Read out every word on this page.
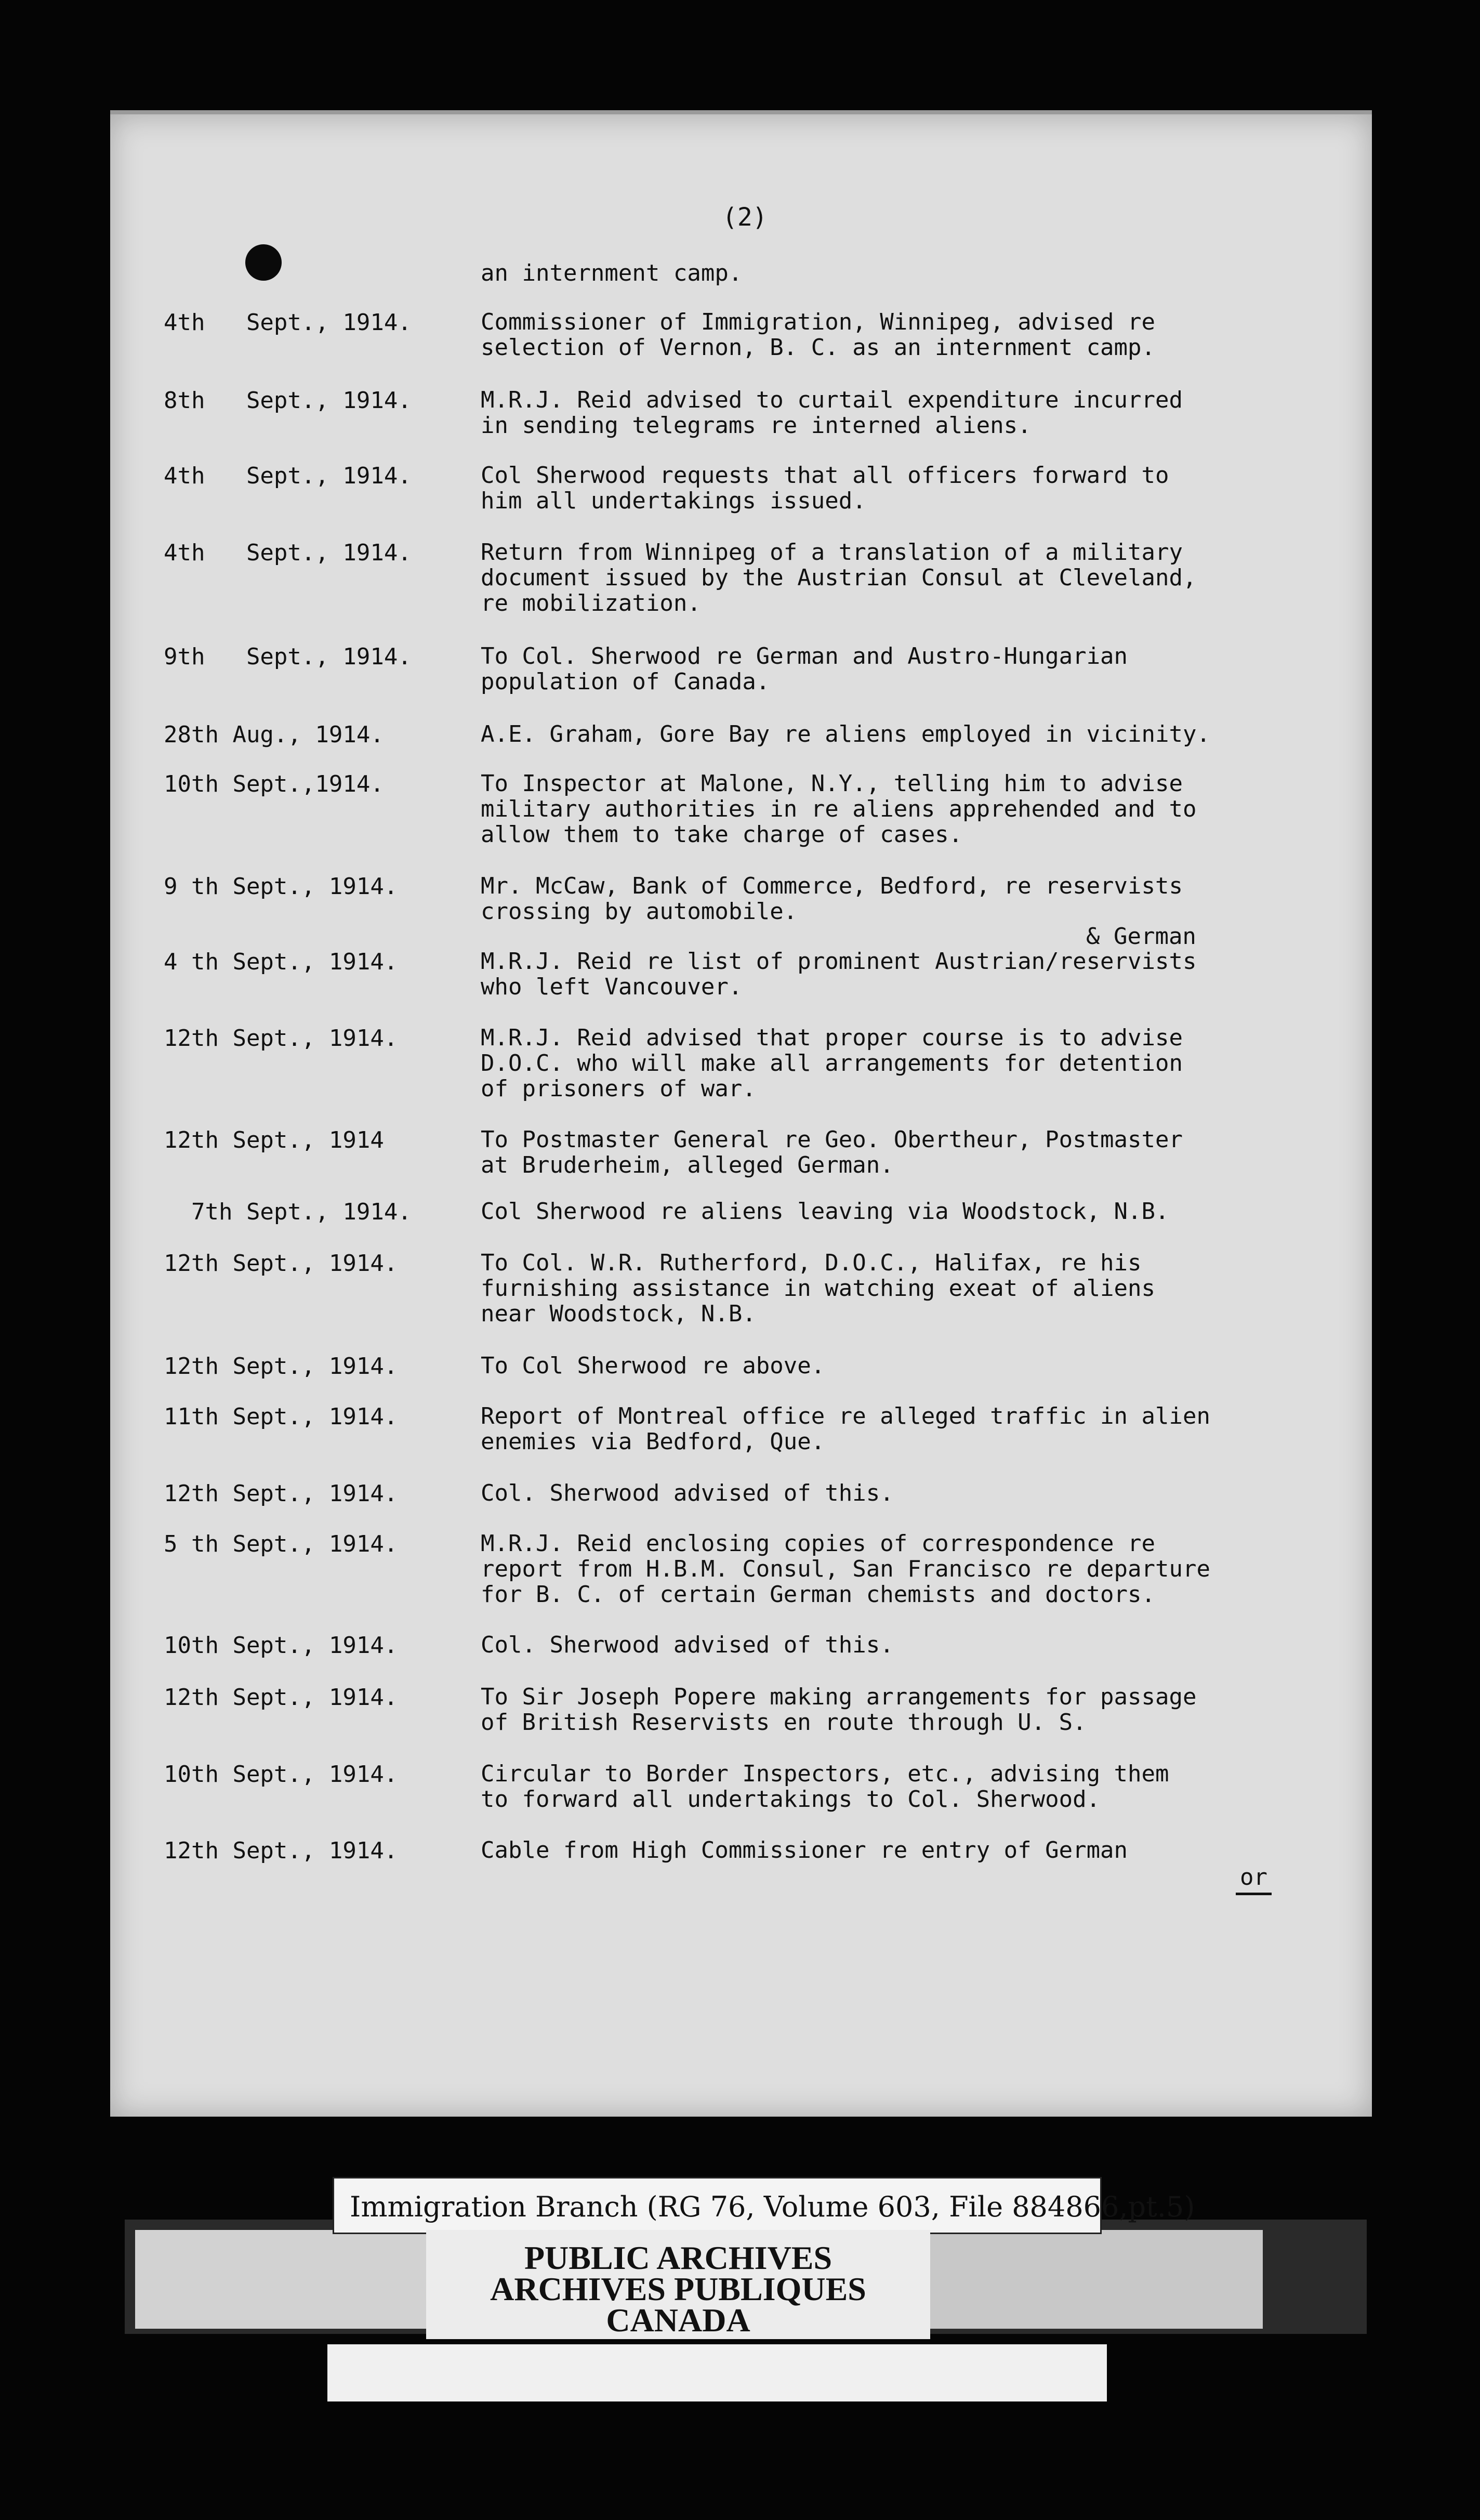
(2)
an internment camp.
4th   Sept., 1914.	Commissioner of Immigration, Winnipeg, advised re
selection of Vernon, B. C. as an internment camp.
8th   Sept., 1914.	M.R.J. Reid advised to curtail expenditure incurred
in sending telegrams re interned aliens.
4th   Sept., 1914.	Col Sherwood requests that all officers forward to
him all undertakings issued.
4th   Sept., 1914.	Return from Winnipeg of a translation of a military
document issued by the Austrian Consul at Cleveland,
re mobilization.
9th   Sept., 1914.	To Col. Sherwood re German and Austro-Hungarian
population of Canada.
28th Aug., 1914.	A.E. Graham, Gore Bay re aliens employed in vicinity.
10th Sept.,1914.	To Inspector at Malone, N.Y., telling him to advise
military authorities in re aliens apprehended and to
allow them to take charge of cases.
9 th Sept., 1914.	Mr. McCaw, Bank of Commerce, Bedford, re reservists
crossing by automobile.
& German
4 th Sept., 1914.	M.R.J. Reid re list of prominent Austrian/reservists
who left Vancouver.
12th Sept., 1914.	M.R.J. Reid advised that proper course is to advise
D.O.C. who will make all arrangements for detention
of prisoners of war.
12th Sept., 1914	To Postmaster General re Geo. Obertheur, Postmaster
at Bruderheim, alleged German.
7th Sept., 1914.	Col Sherwood re aliens leaving via Woodstock, N.B.
12th Sept., 1914.	To Col. W.R. Rutherford, D.O.C., Halifax, re his
furnishing assistance in watching exeat of aliens
near Woodstock, N.B.
12th Sept., 1914.	To Col Sherwood re above.
11th Sept., 1914.	Report of Montreal office re alleged traffic in alien
enemies via Bedford, Que.
12th Sept., 1914.	Col. Sherwood advised of this.
5 th Sept., 1914.	M.R.J. Reid enclosing copies of correspondence re
report from H.B.M. Consul, San Francisco re departure
for B. C. of certain German chemists and doctors.
10th Sept., 1914.	Col. Sherwood advised of this.
12th Sept., 1914.	To Sir Joseph Popere making arrangements for passage
of British Reservists en route through U. S.
10th Sept., 1914.	Circular to Border Inspectors, etc., advising them
to forward all undertakings to Col. Sherwood.
12th Sept., 1914.	Cable from High Commissioner re entry of German
or
Immigration Branch (RG 76, Volume 603, File 884866,pt.5)
PUBLIC ARCHIVES
ARCHIVES PUBLIQUES
CANADA
